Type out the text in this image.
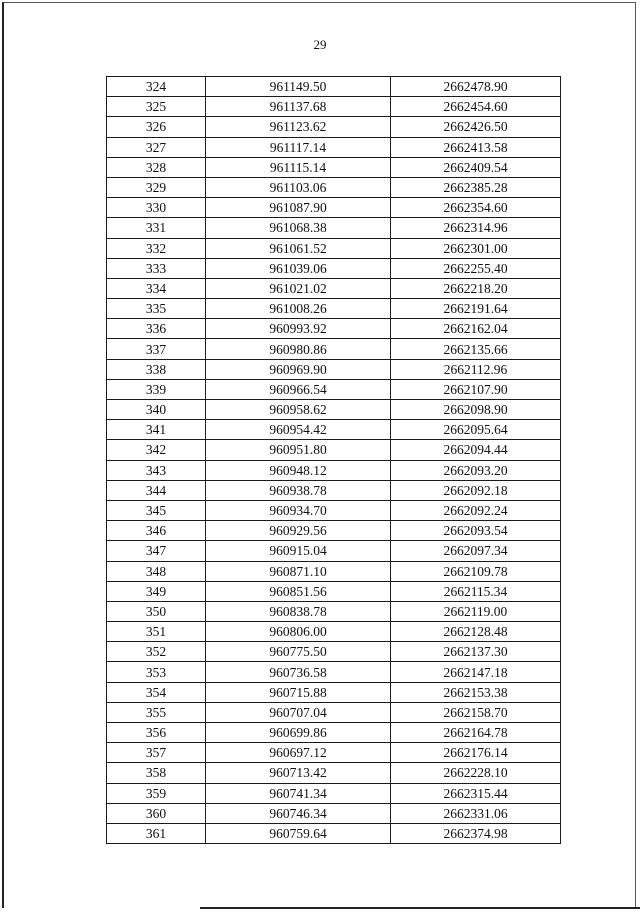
29
324	961149.50	2662478.90
325	961137.68	2662454.60
326	961123.62	2662426.50
327	961117.14	2662413.58
328	961115.14	2662409.54
329	961103.06	2662385.28
330	961087.90	2662354.60
331	961068.38	2662314.96
332	961061.52	2662301.00
333	961039.06	2662255.40
334	961021.02	2662218.20
335	961008.26	2662191.64
336	960993.92	2662162.04
337	960980.86	2662135.66
338	960969.90	2662112.96
339	960966.54	2662107.90
340	960958.62	2662098.90
341	960954.42	2662095.64
342	960951.80	2662094.44
343	960948.12	2662093.20
344	960938.78	2662092.18
345	960934.70	2662092.24
346	960929.56	2662093.54
347	960915.04	2662097.34
348	960871.10	2662109.78
349	960851.56	2662115.34
350	960838.78	2662119.00
351	960806.00	2662128.48
352	960775.50	2662137.30
353	960736.58	2662147.18
354	960715.88	2662153.38
355	960707.04	2662158.70
356	960699.86	2662164.78
357	960697.12	2662176.14
358	960713.42	2662228.10
359	960741.34	2662315.44
360	960746.34	2662331.06
361	960759.64	2662374.98
